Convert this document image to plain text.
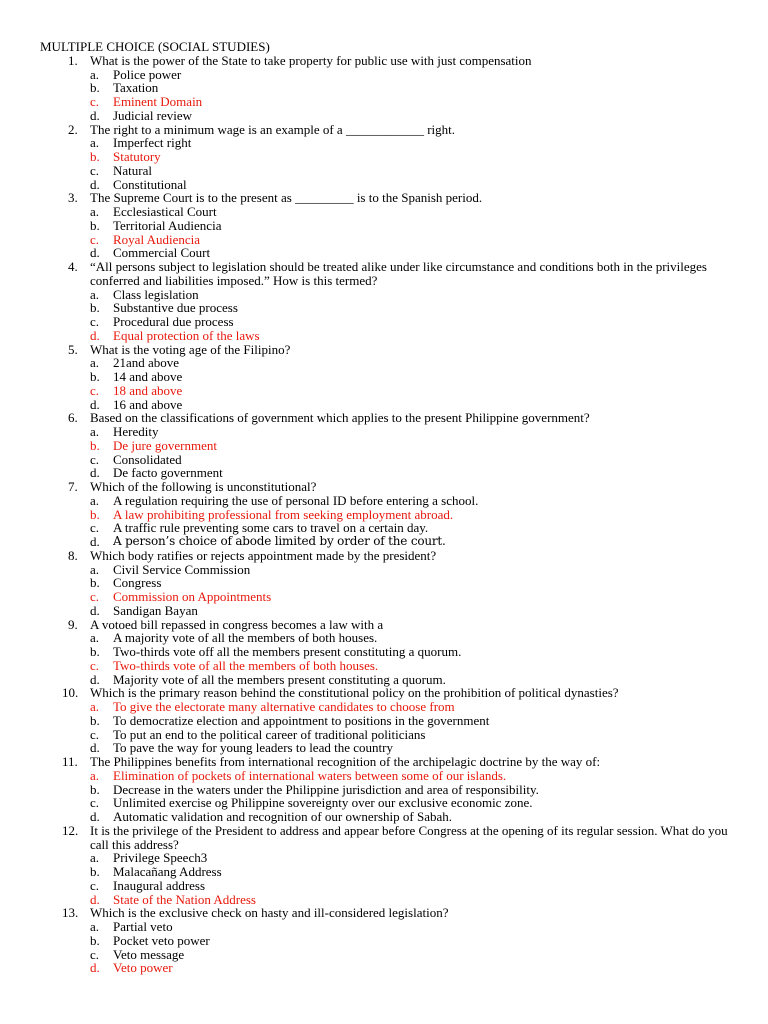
MULTIPLE CHOICE (SOCIAL STUDIES)
1. What is the power of the State to take property for public use with just compensation
a.	Police power
b.	Taxation
c.	Eminent Domain
d.	Judicial review
2. The right to a minimum wage is an example of a ____________ right.
a.	Imperfect right
b.	Statutory
c.	Natural
d.	Constitutional
3. The Supreme Court is to the present as _________ is to the Spanish period.
a.	Ecclesiastical Court
b.	Territorial Audiencia
c.	Royal Audiencia
d.	Commercial Court
4. “All persons subject to legislation should be treated alike under like circumstance and conditions both in the privileges conferred and liabilities imposed.” How is this termed?
a.	Class legislation
b.	Substantive due process
c.	Procedural due process
d.	Equal protection of the laws
5. What is the voting age of the Filipino?
a.	21and above
b.	14 and above
c.	18 and above
d.	16 and above
6. Based on the classifications of government which applies to the present Philippine government?
a.	Heredity
b.	De jure government
c.	Consolidated
d.	De facto government
7. Which of the following is unconstitutional?
a.	A regulation requiring the use of personal ID before entering a school.
b.	A law prohibiting professional from seeking employment abroad.
c.	A traffic rule preventing some cars to travel on a certain day.
d.	A person’s choice of abode limited by order of the court.
8. Which body ratifies or rejects appointment made by the president?
a.	Civil Service Commission
b.	Congress
c.	Commission on Appointments
d.	Sandigan Bayan
9. A votoed bill repassed in congress becomes a law with a
a.	A majority vote of all the members of both houses.
b.	Two-thirds vote off all the members present constituting a quorum.
c.	Two-thirds vote of all the members of both houses.
d.	Majority vote of all the members present constituting a quorum.
10. Which is the primary reason behind the constitutional policy on the prohibition of political dynasties?
a.	To give the electorate many alternative candidates to choose from
b.	To democratize election and appointment to positions in the government
c.	To put an end to the political career of traditional politicians
d.	To pave the way for young leaders to lead the country
11. The Philippines benefits from international recognition of the archipelagic doctrine by the way of:
a.	Elimination of pockets of international waters between some of our islands.
b.	Decrease in the waters under the Philippine jurisdiction and area of responsibility.
c.	Unlimited exercise og Philippine sovereignty over our exclusive economic zone.
d.	Automatic validation and recognition of our ownership of Sabah.
12. It is the privilege of the President to address and appear before Congress at the opening of its regular session. What do you call this address?
a.	Privilege Speech3
b.	Malacañang Address
c.	Inaugural address
d.	State of the Nation Address
13. Which is the exclusive check on hasty and ill-considered legislation?
a.	Partial veto
b.	Pocket veto power
c.	Veto message
d.	Veto power
